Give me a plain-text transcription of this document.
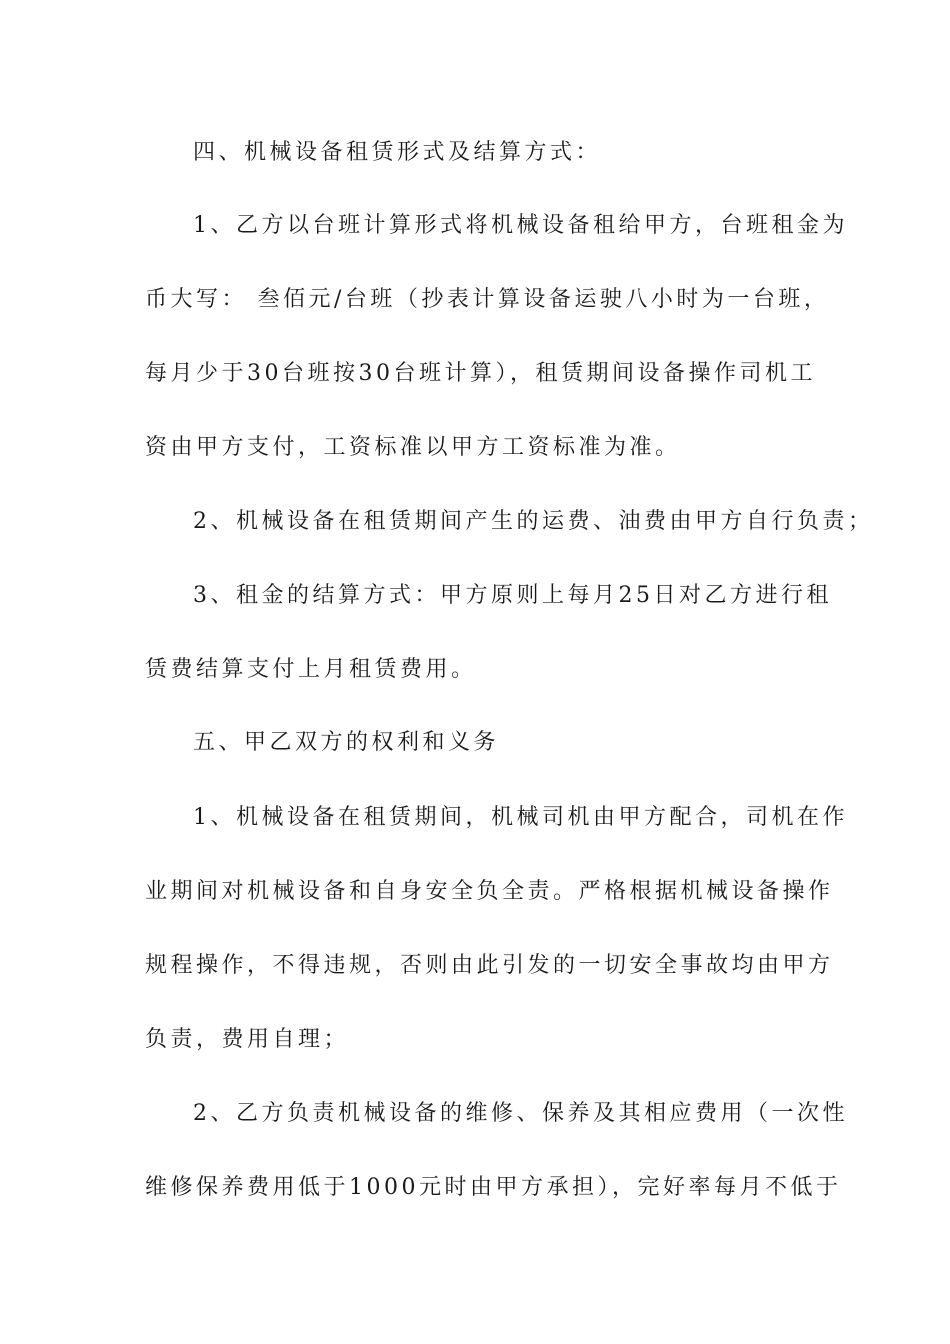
四、机械设备租赁形式及结算方式：
1、乙方以台班计算形式将机械设备租给甲方，台班租金为
币大写： 叁佰元/台班（抄表计算设备运驶八小时为一台班，
每月少于30台班按30台班计算），租赁期间设备操作司机工
资由甲方支付，工资标准以甲方工资标准为准。
2、机械设备在租赁期间产生的运费、油费由甲方自行负责；
3、租金的结算方式：甲方原则上每月25日对乙方进行租
赁费结算支付上月租赁费用。
五、甲乙双方的权利和义务
1、机械设备在租赁期间，机械司机由甲方配合，司机在作
业期间对机械设备和自身安全负全责。严格根据机械设备操作
规程操作，不得违规，否则由此引发的一切安全事故均由甲方
负责，费用自理；
2、乙方负责机械设备的维修、保养及其相应费用（一次性
维修保养费用低于1000元时由甲方承担），完好率每月不低于
